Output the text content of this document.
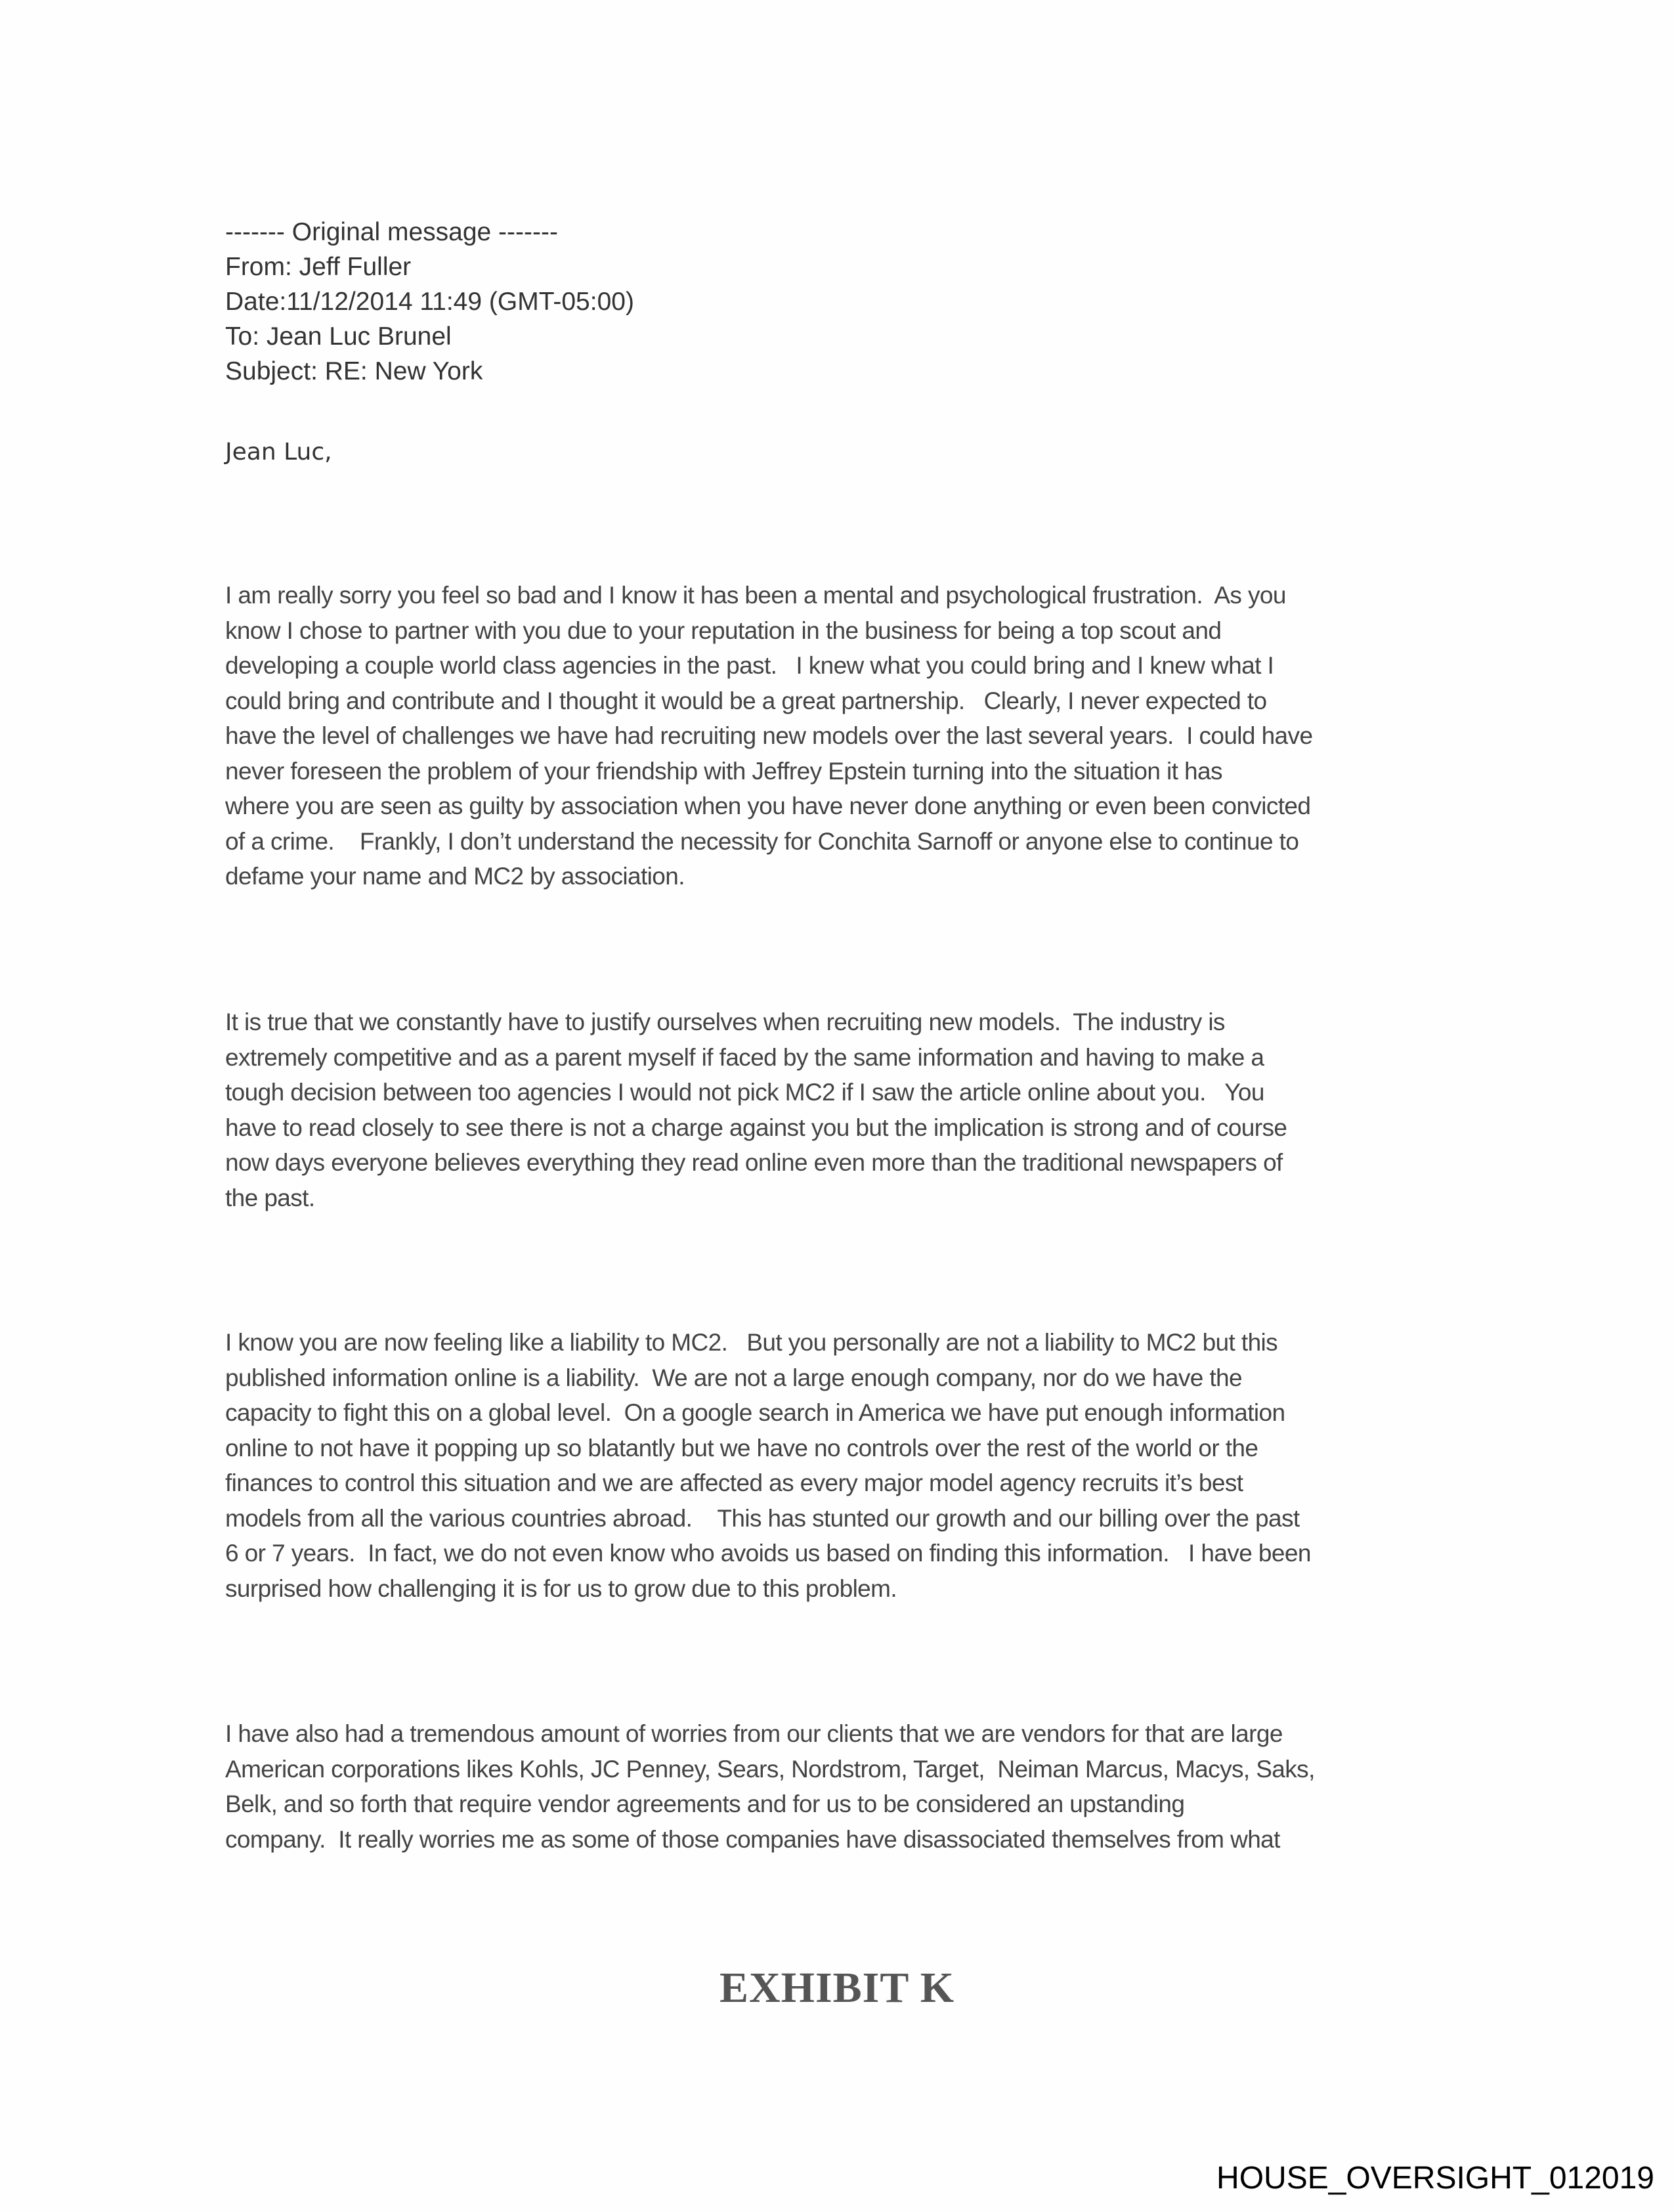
------- Original message -------
From: Jeff Fuller
Date:11/12/2014 11:49 (GMT-05:00)
To: Jean Luc Brunel
Subject: RE: New York
Jean Luc,
I am really sorry you feel so bad and I know it has been a mental and psychological frustration.  As you
know I chose to partner with you due to your reputation in the business for being a top scout and
developing a couple world class agencies in the past.   I knew what you could bring and I knew what I
could bring and contribute and I thought it would be a great partnership.   Clearly, I never expected to
have the level of challenges we have had recruiting new models over the last several years.  I could have
never foreseen the problem of your friendship with Jeffrey Epstein turning into the situation it has
where you are seen as guilty by association when you have never done anything or even been convicted
of a crime.    Frankly, I don’t understand the necessity for Conchita Sarnoff or anyone else to continue to
defame your name and MC2 by association.
It is true that we constantly have to justify ourselves when recruiting new models.  The industry is
extremely competitive and as a parent myself if faced by the same information and having to make a
tough decision between too agencies I would not pick MC2 if I saw the article online about you.   You
have to read closely to see there is not a charge against you but the implication is strong and of course
now days everyone believes everything they read online even more than the traditional newspapers of
the past.
I know you are now feeling like a liability to MC2.   But you personally are not a liability to MC2 but this
published information online is a liability.  We are not a large enough company, nor do we have the
capacity to fight this on a global level.  On a google search in America we have put enough information
online to not have it popping up so blatantly but we have no controls over the rest of the world or the
finances to control this situation and we are affected as every major model agency recruits it’s best
models from all the various countries abroad.    This has stunted our growth and our billing over the past
6 or 7 years.  In fact, we do not even know who avoids us based on finding this information.   I have been
surprised how challenging it is for us to grow due to this problem.
I have also had a tremendous amount of worries from our clients that we are vendors for that are large
American corporations likes Kohls, JC Penney, Sears, Nordstrom, Target,  Neiman Marcus, Macys, Saks,
Belk, and so forth that require vendor agreements and for us to be considered an upstanding
company.  It really worries me as some of those companies have disassociated themselves from what
EXHIBIT K
HOUSE_OVERSIGHT_012019
